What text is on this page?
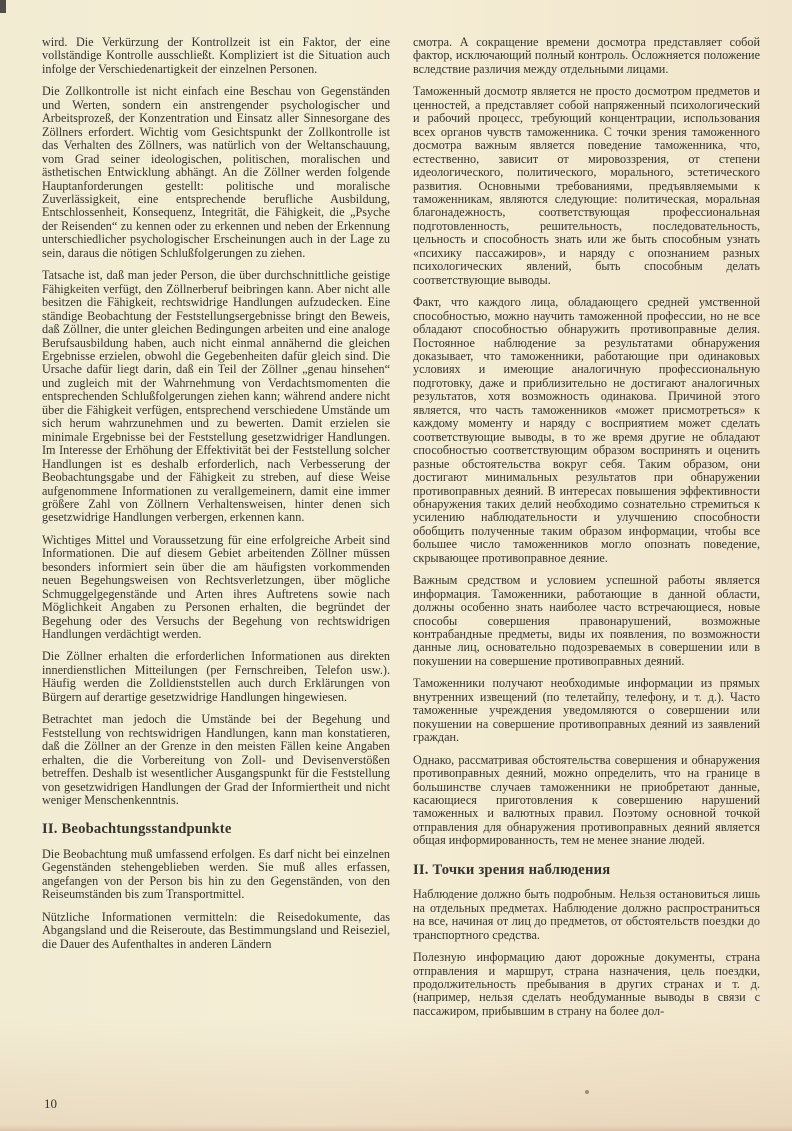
wird. Die Verkürzung der Kontrollzeit ist ein Faktor, der eine vollständige Kontrolle ausschließt. Kompliziert ist die Situation auch infolge der Verschiedenartigkeit der einzelnen Personen.

Die Zollkontrolle ist nicht einfach eine Beschau von Gegenständen und Werten, sondern ein anstrengender psychologischer und Arbeitsprozeß, der Konzentration und Einsatz aller Sinnesorgane des Zöllners erfordert. Wichtig vom Gesichtspunkt der Zollkontrolle ist das Verhalten des Zöllners, was natürlich von der Weltanschauung, vom Grad seiner ideologischen, politischen, moralischen und ästhetischen Entwicklung abhängt. An die Zöllner werden folgende Hauptanforderungen gestellt: politische und moralische Zuverlässigkeit, eine entsprechende berufliche Ausbildung, Entschlossenheit, Konsequenz, Integrität, die Fähigkeit, die „Psyche der Reisenden“ zu kennen oder zu erkennen und neben der Erkennung unterschiedlicher psychologischer Erscheinungen auch in der Lage zu sein, daraus die nötigen Schlußfolgerungen zu ziehen.

Tatsache ist, daß man jeder Person, die über durchschnittliche geistige Fähigkeiten verfügt, den Zöllnerberuf beibringen kann. Aber nicht alle besitzen die Fähigkeit, rechtswidrige Handlungen aufzudecken. Eine ständige Beobachtung der Feststellungsergebnisse bringt den Beweis, daß Zöllner, die unter gleichen Bedingungen arbeiten und eine analoge Berufsausbildung haben, auch nicht einmal annähernd die gleichen Ergebnisse erzielen, obwohl die Gegebenheiten dafür gleich sind. Die Ursache dafür liegt darin, daß ein Teil der Zöllner „genau hinsehen“ und zugleich mit der Wahrnehmung von Verdachtsmomenten die entsprechenden Schlußfolgerungen ziehen kann; während andere nicht über die Fähigkeit verfügen, entsprechend verschiedene Umstände um sich herum wahrzunehmen und zu bewerten. Damit erzielen sie minimale Ergebnisse bei der Feststellung gesetzwidriger Handlungen. Im Interesse der Erhöhung der Effektivität bei der Feststellung solcher Handlungen ist es deshalb erforderlich, nach Verbesserung der Beobachtungsgabe und der Fähigkeit zu streben, auf diese Weise aufgenommene Informationen zu verallgemeinern, damit eine immer größere Zahl von Zöllnern Verhaltensweisen, hinter denen sich gesetzwidrige Handlungen verbergen, erkennen kann.

Wichtiges Mittel und Voraussetzung für eine erfolgreiche Arbeit sind Informationen. Die auf diesem Gebiet arbeitenden Zöllner müssen besonders informiert sein über die am häufigsten vorkommenden neuen Begehungsweisen von Rechtsverletzungen, über mögliche Schmuggelgegenstände und Arten ihres Auftretens sowie nach Möglichkeit Angaben zu Personen erhalten, die begründet der Begehung oder des Versuchs der Begehung von rechtswidrigen Handlungen verdächtigt werden.

Die Zöllner erhalten die erforderlichen Informationen aus direkten innerdienstlichen Mitteilungen (per Fernschreiben, Telefon usw.). Häufig werden die Zolldienststellen auch durch Erklärungen von Bürgern auf derartige gesetzwidrige Handlungen hingewiesen.

Betrachtet man jedoch die Umstände bei der Begehung und Feststellung von rechtswidrigen Handlungen, kann man konstatieren, daß die Zöllner an der Grenze in den meisten Fällen keine Angaben erhalten, die die Vorbereitung von Zoll- und Devisenverstößen betreffen. Deshalb ist wesentlicher Ausgangspunkt für die Feststellung von gesetzwidrigen Handlungen der Grad der Informiertheit und nicht weniger Menschenkenntnis.

II. Beobachtungsstandpunkte

Die Beobachtung muß umfassend erfolgen. Es darf nicht bei einzelnen Gegenständen stehengeblieben werden. Sie muß alles erfassen, angefangen von der Person bis hin zu den Gegenständen, von den Reiseumständen bis zum Transportmittel.

Nützliche Informationen vermitteln: die Reisedokumente, das Abgangsland und die Reiseroute, das Bestimmungsland und Reiseziel, die Dauer des Aufenthaltes in anderen Ländern

смотра. А сокращение времени досмотра представляет собой фактор, исключающий полный контроль. Осложняется положение вследствие различия между отдельными лицами.

Таможенный досмотр является не просто досмотром предметов и ценностей, а представляет собой напряженный психологический и рабочий процесс, требующий концентрации, использования всех органов чувств таможенника. С точки зрения таможенного досмотра важным является поведение таможенника, что, естественно, зависит от мировоззрения, от степени идеологического, политического, морального, эстетического развития. Основными требованиями, предъявляемыми к таможенникам, являются следующие: политическая, моральная благонадежность, соответствующая профессиональная подготовленность, решительность, последовательность, цельность и способность знать или же быть способным узнать «психику пассажиров», и наряду с опознанием разных психологических явлений, быть способным делать соответствующие выводы.

Факт, что каждого лица, обладающего средней умственной способностью, можно научить таможенной профессии, но не все обладают способностью обнаружить противоправные делия. Постоянное наблюдение за результатами обнаружения доказывает, что таможенники, работающие при одинаковых условиях и имеющие аналогичную профессиональную подготовку, даже и приблизительно не достигают аналогичных результатов, хотя возможность одинакова. Причиной этого является, что часть таможенников «может присмотреться» к каждому моменту и наряду с восприятием может сделать соответствующие выводы, в то же время другие не обладают способностью соответствующим образом воспринять и оценить разные обстоятельства вокруг себя. Таким образом, они достигают минимальных результатов при обнаружении противоправных деяний. В интересах повышения эффективности обнаружения таких делий необходимо сознательно стремиться к усилению наблюдательности и улучшению способности обобщить полученные таким образом информации, чтобы все большее число таможенников могло опознать поведение, скрывающее противоправное деяние.

Важным средством и условием успешной работы является информация. Таможенники, работающие в данной области, должны особенно знать наиболее часто встречающиеся, новые способы совершения правонарушений, возможные контрабандные предметы, виды их появления, по возможности данные лиц, основательно подозреваемых в совершении или в покушении на совершение противоправных деяний.

Таможенники получают необходимые информации из прямых внутренних извещений (по телетайпу, телефону, и т. д.). Часто таможенные учреждения уведомляются о совершении или покушении на совершение противоправных деяний из заявлений граждан.

Однако, рассматривая обстоятельства совершения и обнаружения противоправных деяний, можно определить, что на границе в большинстве случаев таможенники не приобретают данные, касающиеся приготовления к совершению нарушений таможенных и валютных правил. Поэтому основной точкой отправления для обнаружения противоправных деяний является общая информированность, тем не менее знание людей.

II. Точки зрения наблюдения

Наблюдение должно быть подробным. Нельзя остановиться лишь на отдельных предметах. Наблюдение должно распространиться на все, начиная от лиц до предметов, от обстоятельств поездки до транспортного средства.

Полезную информацию дают дорожные документы, страна отправления и маршрут, страна назначения, цель поездки, продолжительность пребывания в других странах и т. д. (например, нельзя сделать необдуманные выводы в связи с пассажиром, прибывшим в страну на более дол-

10
